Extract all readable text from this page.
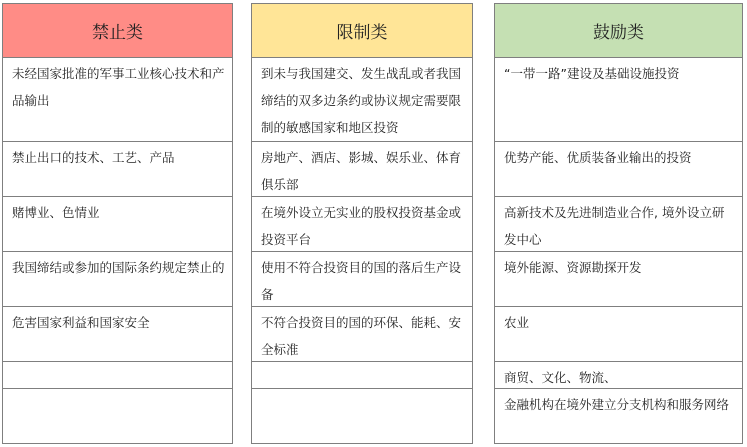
禁止类
未经国家批准的军事工业核心技术和产品输出
禁止出口的技术、工艺、产品
赌博业、色情业
我国缔结或参加的国际条约规定禁止的
危害国家利益和国家安全
限制类
到未与我国建交、发生战乱或者我国缔结的双多边条约或协议规定需要限制的敏感国家和地区投资
房地产、酒店、影城、娱乐业、体育俱乐部
在境外设立无实业的股权投资基金或投资平台
使用不符合投资目的国的落后生产设备
不符合投资目的国的环保、能耗、安全标准
鼓励类
“一带一路”建设及基础设施投资
优势产能、优质装备业输出的投资
高新技术及先进制造业合作, 境外设立研发中心
境外能源、资源勘探开发
农业
商贸、文化、物流、
金融机构在境外建立分支机构和服务网络
